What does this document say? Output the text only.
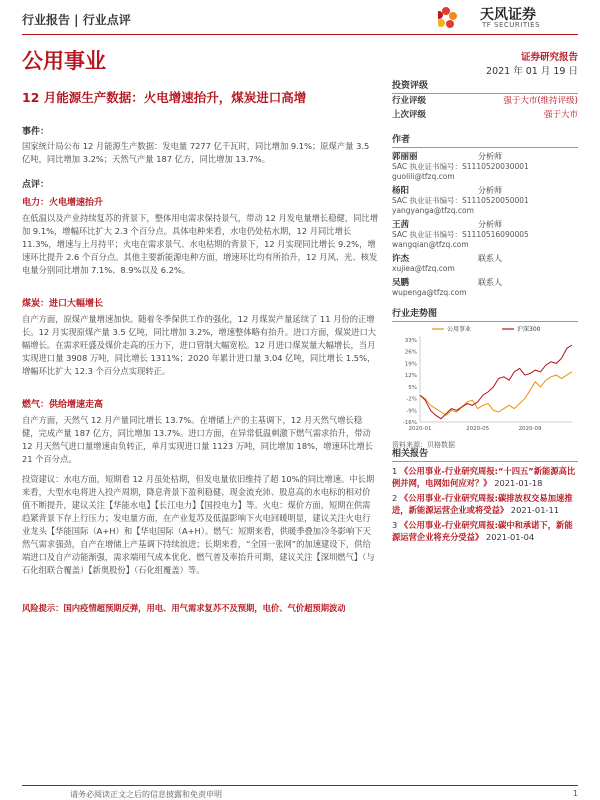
行业报告 | 行业点评	天风证券
TF SECURITIES
公用事业	证券研究报告
2021 年 01 月 19 日
12 月能源生产数据：火电增速抬升，煤炭进口高增
事件：

国家统计局公布 12 月能源生产数据：发电量 7277 亿千瓦时，同比增加 9.1%；原煤产量 3.5 亿吨，同比增加 3.2%；天然气产量 187 亿方，同比增加 13.7%。

点评：
电力：火电增速抬升

在低温以及产业持续复苏的背景下，整体用电需求保持景气，带动 12 月发电量增长稳健，同比增加 9.1%，增幅环比扩大 2.3 个百分点。具体电种来看，水电仍处枯水期，12 月同比增长 11.3%，增速与上月持平；火电在需求景气、水电枯期的背景下，12 月实现同比增长 9.2%，增速环比提升 2.6 个百分点。其他主要新能源电种方面，增速环比均有所抬升，12 月风、光、核发电量分别同比增加 7.1%、8.9%以及 6.2%。

煤炭：进口大幅增长

自产方面，原煤产量增速加快。随着冬季保供工作的强化，12 月煤炭产量延续了 11 月份的正增长。12 月实现原煤产量 3.5 亿吨，同比增加 3.2%，增速整体略有抬升。进口方面，煤炭进口大幅增长。在需求旺盛及煤价走高的压力下，进口管制大幅宽松。12 月进口煤炭量大幅增长，当月实现进口量 3908 万吨，同比增长 1311%；2020 年累计进口量 3.04 亿吨，同比增长 1.5%，增幅环比扩大 12.3 个百分点实现转正。

燃气：供给增速走高

自产方面，天然气 12 月产量同比增长 13.7%。在增储上产的主基调下，12 月天然气增长稳健，完成产量 187 亿方，同比增加 13.7%。进口方面，在异常低温刺激下燃气需求抬升，带动 12 月天然气进口量增速由负转正，单月实现进口量 1123 万吨，同比增加 18%，增速环比增长 21 个百分点。

投资建议：水电方面，短期看 12 月虽处枯期，但发电量依旧维持了超 10%的同比增速。中长期来看，大型水电将进入投产周期，降息背景下盈利稳健、现金流充沛、股息高的水电标的相对价值不断提升，建议关注【华能水电】【长江电力】【国投电力】等。火电：煤价方面，短期在供需趋紧背景下存上行压力；发电量方面，在产业复苏及低温影响下火电回暖明显，建议关注火电行业龙头【华能国际（A+H）和【华电国际（A+H）。燃气：短期来看，供暖季叠加冷冬影响下天然气需求强劲，自产在增储上产基调下持续浪进；长期来看，“全国一张网”的加速建设下，供给端进口及自产动能渐强，需求端用气成本优化、燃气普及率抬升可期，建议关注【深圳燃气】（与石化组联合覆盖）【新奥股份】（石化组覆盖）等。

风险提示：国内疫情超预期反弹，用电、用气需求复苏不及预期，电价、气价超预期波动

投资评级
行业评级	强于大市(维持评级)
上次评级	强于大市
作者
郭丽丽	分析师
SAC 执业证书编号：S1110520030001
guolili@tfzq.com
杨阳	分析师
SAC 执业证书编号：S1110520050001
yangyanga@tfzq.com
王茜	分析师
SAC 执业证书编号：S1110516090005
wangqian@tfzq.com
许杰	联系人
xujiea@tfzq.com
吴鹏	联系人
wupenga@tfzq.com
行业走势图
33%
26%
19%
12%
5%
-2%
-9%
-16%
2020-01	2020-05	2020-09
公用事业	沪深300
资料来源：贝格数据
相关报告
1 《公用事业-行业研究周报:“十四五”新能源高比例并网，电网如何应对？》 2021-01-18
2 《公用事业-行业研究周报:碳排放权交易加速推进，新能源运营企业或将受益》 2021-01-11
3 《公用事业-行业研究周报:碳中和承诺下，新能源运营企业将充分受益》 2021-01-04
请务必阅读正文之后的信息披露和免责申明	1
